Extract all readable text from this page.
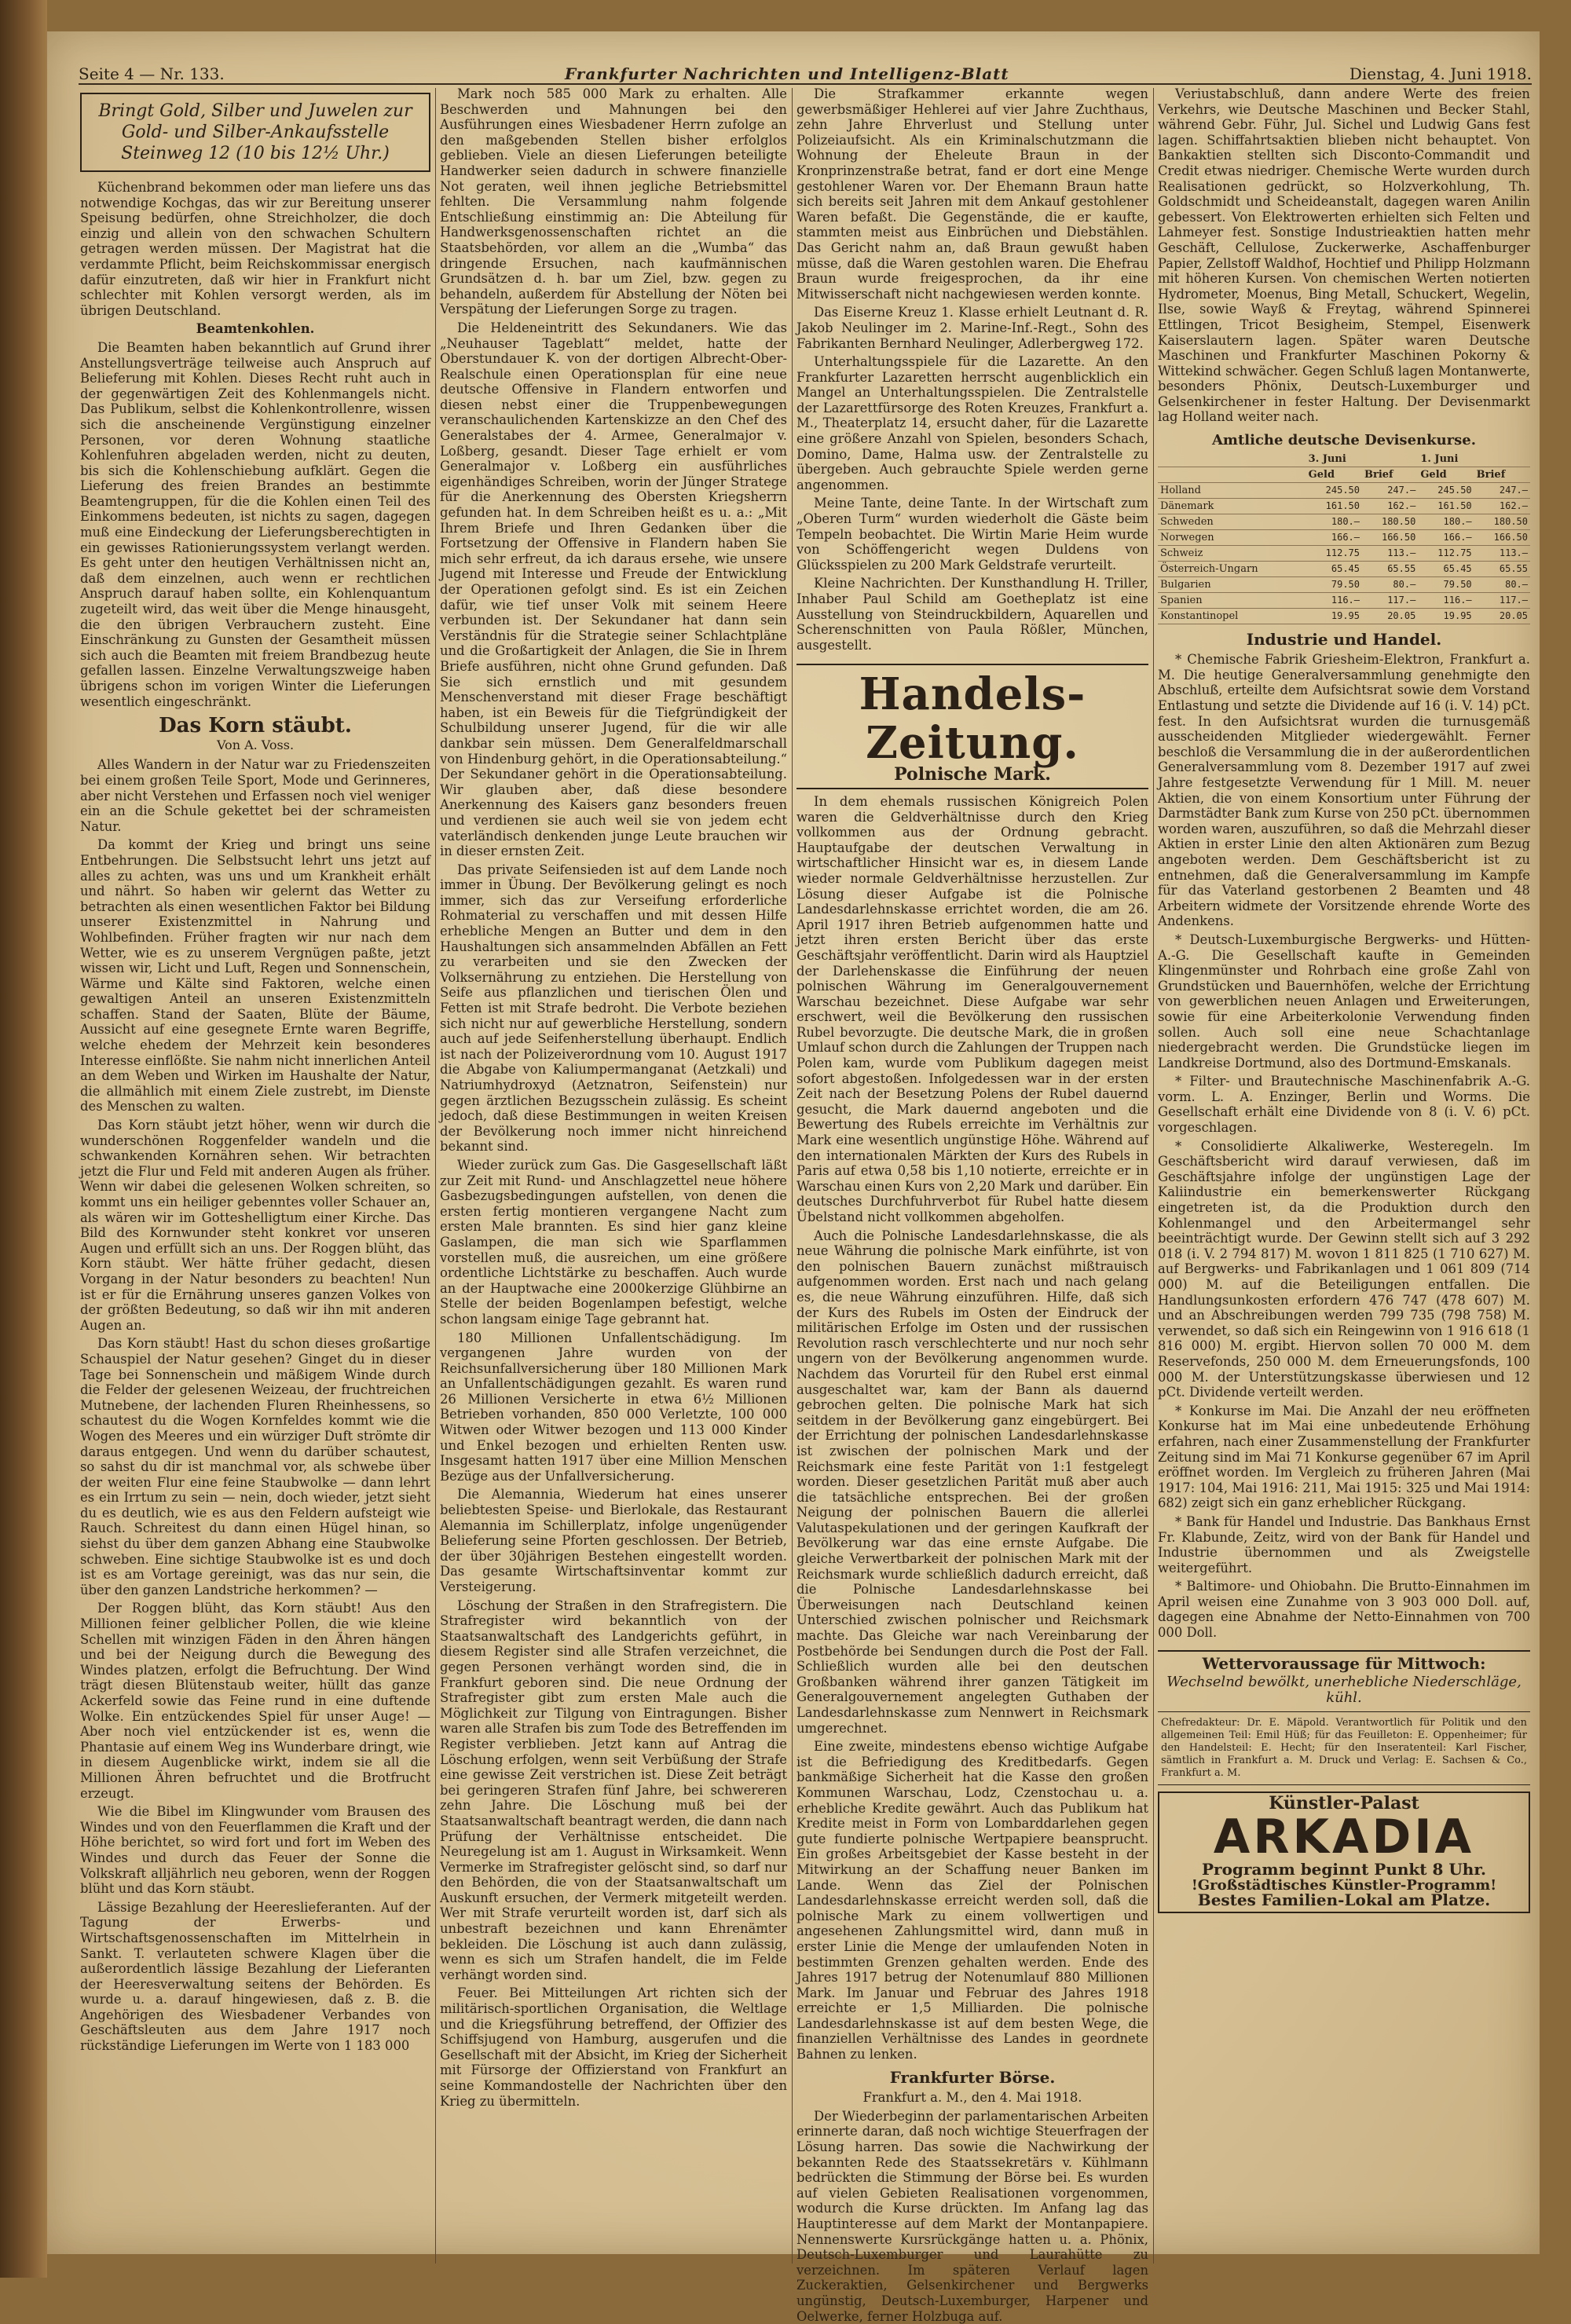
Seite 4 — Nr. 133.	Frankfurter Nachrichten und Intelligenz-Blatt	Dienstag, 4. Juni 1918.
Bringt Gold, Silber und Juwelen zur Gold- und Silber-Ankaufsstelle Steinweg 12 (10 bis 12½ Uhr.)

Küchenbrand bekommen oder man liefere uns das notwendige Kochgas, das wir zur Bereitung unserer Speisung bedürfen, ohne Streichholzer, die doch einzig und allein von den schwachen Schultern getragen werden müssen. Der Magistrat hat die verdammte Pflicht, beim Reichskommissar energisch dafür einzutreten, daß wir hier in Frankfurt nicht schlechter mit Kohlen versorgt werden, als im übrigen Deutschland.

Beamtenkohlen.

Die Beamten haben bekanntlich auf Grund ihrer Anstellungsverträge teilweise auch Anspruch auf Belieferung mit Kohlen. Dieses Recht ruht auch in der gegenwärtigen Zeit des Kohlenmangels nicht. Das Publikum, selbst die Kohlenkontrollenre, wissen sich die anscheinende Vergünstigung einzelner Personen, vor deren Wohnung staatliche Kohlenfuhren abgeladen werden, nicht zu deuten, bis sich die Kohlenschiebung aufklärt. Gegen die Lieferung des freien Brandes an bestimmte Beamtengruppen, für die die Kohlen einen Teil des Einkommens bedeuten, ist nichts zu sagen, dagegen muß eine Eindeckung der Lieferungsberechtigten in ein gewisses Rationierungssystem verlangt werden. Es geht unter den heutigen Verhältnissen nicht an, daß dem einzelnen, auch wenn er rechtlichen Anspruch darauf haben sollte, ein Kohlenquantum zugeteilt wird, das weit über die Menge hinausgeht, die den übrigen Verbrauchern zusteht. Eine Einschränkung zu Gunsten der Gesamtheit müssen sich auch die Beamten mit freiem Brandbezug heute gefallen lassen. Einzelne Verwaltungszweige haben übrigens schon im vorigen Winter die Lieferungen wesentlich eingeschränkt.

Das Korn stäubt.
Von A. Voss.

Alles Wandern in der Natur war zu Friedenszeiten bei einem großen Teile Sport, Mode und Gerinneres, aber nicht Verstehen und Erfassen noch viel weniger ein an die Schule gekettet bei der schrameisten Natur.

Da kommt der Krieg und bringt uns seine Entbehrungen. Die Selbstsucht lehrt uns jetzt auf alles zu achten, was uns und um Krankheit erhält und nährt. So haben wir gelernt das Wetter zu betrachten als einen wesentlichen Faktor bei Bildung unserer Existenzmittel in Nahrung und Wohlbefinden. Früher fragten wir nur nach dem Wetter, wie es zu unserem Vergnügen paßte, jetzt wissen wir, Licht und Luft, Regen und Sonnenschein, Wärme und Kälte sind Faktoren, welche einen gewaltigen Anteil an unseren Existenzmitteln schaffen. Stand der Saaten, Blüte der Bäume, Aussicht auf eine gesegnete Ernte waren Begriffe, welche ehedem der Mehrzeit kein besonderes Interesse einflößte. Sie nahm nicht innerlichen Anteil an dem Weben und Wirken im Haushalte der Natur, die allmählich mit einem Ziele zustrebt, im Dienste des Menschen zu walten.

Das Korn stäubt jetzt höher, wenn wir durch die wunderschönen Roggenfelder wandeln und die schwankenden Kornähren sehen. Wir betrachten jetzt die Flur und Feld mit anderen Augen als früher. Wenn wir dabei die gelesenen Wolken schreiten, so kommt uns ein heiliger gebenntes voller Schauer an, als wären wir im Gotteshelligtum einer Kirche. Das Bild des Kornwunder steht konkret vor unseren Augen und erfüllt sich an uns. Der Roggen blüht, das Korn stäubt. Wer hätte früher gedacht, diesen Vorgang in der Natur besonders zu beachten! Nun ist er für die Ernährung unseres ganzen Volkes von der größten Bedeutung, so daß wir ihn mit anderen Augen an.

Das Korn stäubt! Hast du schon dieses großartige Schauspiel der Natur gesehen? Ginget du in dieser Tage bei Sonnenschein und mäßigem Winde durch die Felder der gelesenen Weizeau, der fruchtreichen Mutnebene, der lachenden Fluren Rheinhessens, so schautest du die Wogen Kornfeldes kommt wie die Wogen des Meeres und ein würziger Duft strömte dir daraus entgegen. Und wenn du darüber schautest, so sahst du dir ist manchmal vor, als schwebe über der weiten Flur eine feine Staubwolke — dann lehrt es ein Irrtum zu sein — nein, doch wieder, jetzt sieht du es deutlich, wie es aus den Feldern aufsteigt wie Rauch. Schreitest du dann einen Hügel hinan, so siehst du über dem ganzen Abhang eine Staubwolke schweben. Eine sichtige Staubwolke ist es und doch ist es am Vortage gereinigt, was das nur sein, die über den ganzen Landstriche herkommen? —

Der Roggen blüht, das Korn stäubt! Aus den Millionen feiner gelblicher Pollen, die wie kleine Schellen mit winzigen Fäden in den Ähren hängen und bei der Neigung durch die Bewegung des Windes platzen, erfolgt die Befruchtung. Der Wind trägt diesen Blütenstaub weiter, hüllt das ganze Ackerfeld sowie das Feine rund in eine duftende Wolke. Ein entzückendes Spiel für unser Auge! — Aber noch viel entzückender ist es, wenn die Phantasie auf einem Weg ins Wunderbare dringt, wie in diesem Augenblicke wirkt, indem sie all die Millionen Ähren befruchtet und die Brotfrucht erzeugt.

Wie die Bibel im Klingwunder vom Brausen des Windes und von den Feuerflammen die Kraft und der Höhe berichtet, so wird fort und fort im Weben des Windes und durch das Feuer der Sonne die Volkskraft alljährlich neu geboren, wenn der Roggen blüht und das Korn stäubt.

Lässige Bezahlung der Heereslieferanten. Auf der Tagung der Erwerbs- und Wirtschaftsgenossenschaften im Mittelrhein in Sankt. T. verlauteten schwere Klagen über die außerordentlich lässige Bezahlung der Lieferanten der Heeresverwaltung seitens der Behörden. Es wurde u. a. darauf hingewiesen, daß z. B. die Angehörigen des Wiesbadener Verbandes von Geschäftsleuten aus dem Jahre 1917 noch rückständige Lieferungen im Werte von 1 183 000

Mark noch 585 000 Mark zu erhalten. Alle Beschwerden und Mahnungen bei den Ausführungen eines Wiesbadener Herrn zufolge an den maßgebenden Stellen bisher erfolglos geblieben. Viele an diesen Lieferungen beteiligte Handwerker seien dadurch in schwere finanzielle Not geraten, weil ihnen jegliche Betriebsmittel fehlten. Die Versammlung nahm folgende Entschließung einstimmig an: Die Abteilung für Handwerksgenossenschaften richtet an die Staatsbehörden, vor allem an die „Wumba“ das dringende Ersuchen, nach kaufmännischen Grundsätzen d. h. bar um Ziel, bzw. gegen zu behandeln, außerdem für Abstellung der Nöten bei Verspätung der Lieferungen Sorge zu tragen.

Die Heldeneintritt des Sekundaners. Wie das „Neuhauser Tageblatt“ meldet, hatte der Oberstundauer K. von der dortigen Albrecht-Ober-Realschule einen Operationsplan für eine neue deutsche Offensive in Flandern entworfen und diesen nebst einer die Truppenbewegungen veranschaulichenden Kartenskizze an den Chef des Generalstabes der 4. Armee, Generalmajor v. Loßberg, gesandt. Dieser Tage erhielt er vom Generalmajor v. Loßberg ein ausführliches eigenhändiges Schreiben, worin der Jünger Stratege für die Anerkennung des Obersten Kriegsherrn gefunden hat. In dem Schreiben heißt es u. a.: „Mit Ihrem Briefe und Ihren Gedanken über die Fortsetzung der Offensive in Flandern haben Sie mich sehr erfreut, da ich daraus ersehe, wie unsere Jugend mit Interesse und Freude der Entwicklung der Operationen gefolgt sind. Es ist ein Zeichen dafür, wie tief unser Volk mit seinem Heere verbunden ist. Der Sekundaner hat dann sein Verständnis für die Strategie seiner Schlachtpläne und die Großartigkeit der Anlagen, die Sie in Ihrem Briefe ausführen, nicht ohne Grund gefunden. Daß Sie sich ernstlich und mit gesundem Menschenverstand mit dieser Frage beschäftigt haben, ist ein Beweis für die Tiefgründigkeit der Schulbildung unserer Jugend, für die wir alle dankbar sein müssen. Dem Generalfeldmarschall von Hindenburg gehört, in die Operationsabteilung.“ Der Sekundaner gehört in die Operationsabteilung. Wir glauben aber, daß diese besondere Anerkennung des Kaisers ganz besonders freuen und verdienen sie auch weil sie von jedem echt vaterländisch denkenden junge Leute brauchen wir in dieser ernsten Zeit.

Das private Seifensieden ist auf dem Lande noch immer in Übung. Der Bevölkerung gelingt es noch immer, sich das zur Verseifung erforderliche Rohmaterial zu verschaffen und mit dessen Hilfe erhebliche Mengen an Butter und dem in den Haushaltungen sich ansammelnden Abfällen an Fett zu verarbeiten und sie den Zwecken der Volksernährung zu entziehen. Die Herstellung von Seife aus pflanzlichen und tierischen Ölen und Fetten ist mit Strafe bedroht. Die Verbote beziehen sich nicht nur auf gewerbliche Herstellung, sondern auch auf jede Seifenherstellung überhaupt. Endlich ist nach der Polizeiverordnung vom 10. August 1917 die Abgabe von Kaliumpermanganat (Aetzkali) und Natriumhydroxyd (Aetznatron, Seifenstein) nur gegen ärztlichen Bezugsschein zulässig. Es scheint jedoch, daß diese Bestimmungen in weiten Kreisen der Bevölkerung noch immer nicht hinreichend bekannt sind.

Wieder zurück zum Gas. Die Gasgesellschaft läßt zur Zeit mit Rund- und Anschlagzettel neue höhere Gasbezugsbedingungen aufstellen, von denen die ersten fertig montieren vergangene Nacht zum ersten Male brannten. Es sind hier ganz kleine Gaslampen, die man sich wie Sparflammen vorstellen muß, die ausreichen, um eine größere ordentliche Lichtstärke zu beschaffen. Auch wurde an der Hauptwache eine 2000kerzige Glühbirne an Stelle der beiden Bogenlampen befestigt, welche schon langsam einige Tage gebrannt hat.

180 Millionen Unfallentschädigung. Im vergangenen Jahre wurden von der Reichsunfallversicherung über 180 Millionen Mark an Unfallentschädigungen gezahlt. Es waren rund 26 Millionen Versicherte in etwa 6½ Millionen Betrieben vorhanden, 850 000 Verletzte, 100 000 Witwen oder Witwer bezogen und 113 000 Kinder und Enkel bezogen und erhielten Renten usw. Insgesamt hatten 1917 über eine Million Menschen Bezüge aus der Unfallversicherung.

Die Alemannia, Wiederum hat eines unserer beliebtesten Speise- und Bierlokale, das Restaurant Alemannia im Schillerplatz, infolge ungenügender Belieferung seine Pforten geschlossen. Der Betrieb, der über 30jährigen Bestehen eingestellt worden. Das gesamte Wirtschaftsinventar kommt zur Versteigerung.

Löschung der Straßen in den Strafregistern. Die Strafregister wird bekanntlich von der Staatsanwaltschaft des Landgerichts geführt, in diesem Register sind alle Strafen verzeichnet, die gegen Personen verhängt worden sind, die in Frankfurt geboren sind. Die neue Ordnung der Strafregister gibt zum ersten Male auch die Möglichkeit zur Tilgung von Eintragungen. Bisher waren alle Strafen bis zum Tode des Betreffenden im Register verblieben. Jetzt kann auf Antrag die Löschung erfolgen, wenn seit Verbüßung der Strafe eine gewisse Zeit verstrichen ist. Diese Zeit beträgt bei geringeren Strafen fünf Jahre, bei schwereren zehn Jahre. Die Löschung muß bei der Staatsanwaltschaft beantragt werden, die dann nach Prüfung der Verhältnisse entscheidet. Die Neuregelung ist am 1. August in Wirksamkeit. Wenn Vermerke im Strafregister gelöscht sind, so darf nur den Behörden, die von der Staatsanwaltschaft um Auskunft ersuchen, der Vermerk mitgeteilt werden. Wer mit Strafe verurteilt worden ist, darf sich als unbestraft bezeichnen und kann Ehrenämter bekleiden. Die Löschung ist auch dann zulässig, wenn es sich um Strafen handelt, die im Felde verhängt worden sind.

Feuer. Bei Mitteilungen Art richten sich der militärisch-sportlichen Organisation, die Weltlage und die Kriegsführung betreffend, der Offizier des Schiffsjugend von Hamburg, ausgerufen und die Gesellschaft mit der Absicht, im Krieg der Sicherheit mit Fürsorge der Offizierstand von Frankfurt an seine Kommandostelle der Nachrichten über den Krieg zu übermitteln.

Die Strafkammer erkannte wegen gewerbsmäßiger Hehlerei auf vier Jahre Zuchthaus, zehn Jahre Ehrverlust und Stellung unter Polizeiaufsicht. Als ein Kriminalschutzmann die Wohnung der Eheleute Braun in der Kronprinzenstraße betrat, fand er dort eine Menge gestohlener Waren vor. Der Ehemann Braun hatte sich bereits seit Jahren mit dem Ankauf gestohlener Waren befaßt. Die Gegenstände, die er kaufte, stammten meist aus Einbrüchen und Diebstählen. Das Gericht nahm an, daß Braun gewußt haben müsse, daß die Waren gestohlen waren. Die Ehefrau Braun wurde freigesprochen, da ihr eine Mitwisserschaft nicht nachgewiesen werden konnte.

Das Eiserne Kreuz 1. Klasse erhielt Leutnant d. R. Jakob Neulinger im 2. Marine-Inf.-Regt., Sohn des Fabrikanten Bernhard Neulinger, Adlerbergweg 172.

Unterhaltungsspiele für die Lazarette. An den Frankfurter Lazaretten herrscht augenblicklich ein Mangel an Unterhaltungsspielen. Die Zentralstelle der Lazarettfürsorge des Roten Kreuzes, Frankfurt a. M., Theaterplatz 14, ersucht daher, für die Lazarette eine größere Anzahl von Spielen, besonders Schach, Domino, Dame, Halma usw. der Zentralstelle zu übergeben. Auch gebrauchte Spiele werden gerne angenommen.

Meine Tante, deine Tante. In der Wirtschaft zum „Oberen Turm“ wurden wiederholt die Gäste beim Tempeln beobachtet. Die Wirtin Marie Heim wurde von Schöffengericht wegen Duldens von Glücksspielen zu 200 Mark Geldstrafe verurteilt.

Kleine Nachrichten. Der Kunsthandlung H. Triller, Inhaber Paul Schild am Goetheplatz ist eine Ausstellung von Steindruckbildern, Aquarellen und Scherenschnitten von Paula Rößler, München, ausgestellt.

Handels-Zeitung.
Polnische Mark.

In dem ehemals russischen Königreich Polen waren die Geldverhältnisse durch den Krieg vollkommen aus der Ordnung gebracht. Hauptaufgabe der deutschen Verwaltung in wirtschaftlicher Hinsicht war es, in diesem Lande wieder normale Geldverhältnisse herzustellen. Zur Lösung dieser Aufgabe ist die Polnische Landesdarlehnskasse errichtet worden, die am 26. April 1917 ihren Betrieb aufgenommen hatte und jetzt ihren ersten Bericht über das erste Geschäftsjahr veröffentlicht. Darin wird als Hauptziel der Darlehenskasse die Einführung der neuen polnischen Währung im Generalgouvernement Warschau bezeichnet. Diese Aufgabe war sehr erschwert, weil die Bevölkerung den russischen Rubel bevorzugte. Die deutsche Mark, die in großen Umlauf schon durch die Zahlungen der Truppen nach Polen kam, wurde vom Publikum dagegen meist sofort abgestoßen. Infolgedessen war in der ersten Zeit nach der Besetzung Polens der Rubel dauernd gesucht, die Mark dauernd angeboten und die Bewertung des Rubels erreichte im Verhältnis zur Mark eine wesentlich ungünstige Höhe. Während auf den internationalen Märkten der Kurs des Rubels in Paris auf etwa 0,58 bis 1,10 notierte, erreichte er in Warschau einen Kurs von 2,20 Mark und darüber. Ein deutsches Durchfuhrverbot für Rubel hatte diesem Übelstand nicht vollkommen abgeholfen.

Auch die Polnische Landesdarlehnskasse, die als neue Währung die polnische Mark einführte, ist von den polnischen Bauern zunächst mißtrauisch aufgenommen worden. Erst nach und nach gelang es, die neue Währung einzuführen. Hilfe, daß sich der Kurs des Rubels im Osten der Eindruck der militärischen Erfolge im Osten und der russischen Revolution rasch verschlechterte und nur noch sehr ungern von der Bevölkerung angenommen wurde. Nachdem das Vorurteil für den Rubel erst einmal ausgeschaltet war, kam der Bann als dauernd gebrochen gelten. Die polnische Mark hat sich seitdem in der Bevölkerung ganz eingebürgert. Bei der Errichtung der polnischen Landesdarlehnskasse ist zwischen der polnischen Mark und der Reichsmark eine feste Parität von 1:1 festgelegt worden. Dieser gesetzlichen Parität muß aber auch die tatsächliche entsprechen. Bei der großen Neigung der polnischen Bauern die allerlei Valutaspekulationen und der geringen Kaufkraft der Bevölkerung war das eine ernste Aufgabe. Die gleiche Verwertbarkeit der polnischen Mark mit der Reichsmark wurde schließlich dadurch erreicht, daß die Polnische Landesdarlehnskasse bei Überweisungen nach Deutschland keinen Unterschied zwischen polnischer und Reichsmark machte. Das Gleiche war nach Vereinbarung der Postbehörde bei Sendungen durch die Post der Fall. Schließlich wurden alle bei den deutschen Großbanken während ihrer ganzen Tätigkeit im Generalgouvernement angelegten Guthaben der Landesdarlehnskasse zum Nennwert in Reichsmark umgerechnet.

Eine zweite, mindestens ebenso wichtige Aufgabe ist die Befriedigung des Kreditbedarfs. Gegen bankmäßige Sicherheit hat die Kasse den großen Kommunen Warschau, Lodz, Czenstochau u. a. erhebliche Kredite gewährt. Auch das Publikum hat Kredite meist in Form von Lombarddarlehen gegen gute fundierte polnische Wertpapiere beansprucht. Ein großes Arbeitsgebiet der Kasse besteht in der Mitwirkung an der Schaffung neuer Banken im Lande. Wenn das Ziel der Polnischen Landesdarlehnskasse erreicht werden soll, daß die polnische Mark zu einem vollwertigen und angesehenen Zahlungsmittel wird, dann muß in erster Linie die Menge der umlaufenden Noten in bestimmten Grenzen gehalten werden. Ende des Jahres 1917 betrug der Notenumlauf 880 Millionen Mark. Im Januar und Februar des Jahres 1918 erreichte er 1,5 Milliarden. Die polnische Landesdarlehnskasse ist auf dem besten Wege, die finanziellen Verhältnisse des Landes in geordnete Bahnen zu lenken.

Frankfurter Börse.

Frankfurt a. M., den 4. Mai 1918.

Der Wiederbeginn der parlamentarischen Arbeiten erinnerte daran, daß noch wichtige Steuerfragen der Lösung harren. Das sowie die Nachwirkung der bekannten Rede des Staatssekretärs v. Kühlmann bedrückten die Stimmung der Börse bei. Es wurden auf vielen Gebieten Realisationen vorgenommen, wodurch die Kurse drückten. Im Anfang lag das Hauptinteresse auf dem Markt der Montanpapiere. Nennenswerte Kursrückgänge hatten u. a. Phönix, Deutsch-Luxemburger und Laurahütte zu verzeichnen. Im späteren Verlauf lagen Zuckeraktien, Gelsenkirchener und Bergwerks ungünstig, Deutsch-Luxemburger, Harpener und Oelwerke, ferner Holzbuga auf.

Veriustabschluß, dann andere Werte des freien Verkehrs, wie Deutsche Maschinen und Becker Stahl, während Gebr. Führ, Jul. Sichel und Ludwig Gans fest lagen. Schiffahrtsaktien blieben nicht behauptet. Von Bankaktien stellten sich Disconto-Commandit und Credit etwas niedriger. Chemische Werte wurden durch Realisationen gedrückt, so Holzverkohlung, Th. Goldschmidt und Scheideanstalt, dagegen waren Anilin gebessert. Von Elektrowerten erhielten sich Felten und Lahmeyer fest. Sonstige Industrieaktien hatten mehr Geschäft, Cellulose, Zuckerwerke, Aschaffenburger Papier, Zellstoff Waldhof, Hochtief und Philipp Holzmann mit höheren Kursen. Von chemischen Werten notierten Hydrometer, Moenus, Bing Metall, Schuckert, Wegelin, Ilse, sowie Wayß & Freytag, während Spinnerei Ettlingen, Tricot Besigheim, Stempel, Eisenwerk Kaiserslautern lagen. Später waren Deutsche Maschinen und Frankfurter Maschinen Pokorny & Wittekind schwächer. Gegen Schluß lagen Montanwerte, besonders Phönix, Deutsch-Luxemburger und Gelsenkirchener in fester Haltung. Der Devisenmarkt lag Holland weiter nach.

Amtliche deutsche Devisenkurse.
	3. Juni		1. Juni	
	Geld	Brief	Geld	Brief
Holland	245.50	247.—	245.50	247.—
Dänemark	161.50	162.—	161.50	162.—
Schweden	180.—	180.50	180.—	180.50
Norwegen	166.—	166.50	166.—	166.50
Schweiz	112.75	113.—	112.75	113.—
Österreich-Ungarn	65.45	65.55	65.45	65.55
Bulgarien	79.50	80.—	79.50	80.—
Spanien	116.—	117.—	116.—	117.—
Konstantinopel	19.95	20.05	19.95	20.05
Industrie und Handel.

* Chemische Fabrik Griesheim-Elektron, Frankfurt a. M. Die heutige Generalversammlung genehmigte den Abschluß, erteilte dem Aufsichtsrat sowie dem Vorstand Entlastung und setzte die Dividende auf 16 (i. V. 14) pCt. fest. In den Aufsichtsrat wurden die turnusgemäß ausscheidenden Mitglieder wiedergewählt. Ferner beschloß die Versammlung die in der außerordentlichen Generalversammlung vom 8. Dezember 1917 auf zwei Jahre festgesetzte Verwendung für 1 Mill. M. neuer Aktien, die von einem Konsortium unter Führung der Darmstädter Bank zum Kurse von 250 pCt. übernommen worden waren, auszuführen, so daß die Mehrzahl dieser Aktien in erster Linie den alten Aktionären zum Bezug angeboten werden. Dem Geschäftsbericht ist zu entnehmen, daß die Generalversammlung im Kampfe für das Vaterland gestorbenen 2 Beamten und 48 Arbeitern widmete der Vorsitzende ehrende Worte des Andenkens.

* Deutsch-Luxemburgische Bergwerks- und Hütten-A.-G. Die Gesellschaft kaufte in Gemeinden Klingenmünster und Rohrbach eine große Zahl von Grundstücken und Bauernhöfen, welche der Errichtung von gewerblichen neuen Anlagen und Erweiterungen, sowie für eine Arbeiterkolonie Verwendung finden sollen. Auch soll eine neue Schachtanlage niedergebracht werden. Die Grundstücke liegen im Landkreise Dortmund, also des Dortmund-Emskanals.

* Filter- und Brautechnische Maschinenfabrik A.-G. vorm. L. A. Enzinger, Berlin und Worms. Die Gesellschaft erhält eine Dividende von 8 (i. V. 6) pCt. vorgeschlagen.

* Consolidierte Alkaliwerke, Westeregeln. Im Geschäftsbericht wird darauf verwiesen, daß im Geschäftsjahre infolge der ungünstigen Lage der Kaliindustrie ein bemerkenswerter Rückgang eingetreten ist, da die Produktion durch den Kohlenmangel und den Arbeitermangel sehr beeinträchtigt wurde. Der Gewinn stellt sich auf 3 292 018 (i. V. 2 794 817) M. wovon 1 811 825 (1 710 627) M. auf Bergwerks- und Fabrikanlagen und 1 061 809 (714 000) M. auf die Beteiligungen entfallen. Die Handlungsunkosten erfordern 476 747 (478 607) M. und an Abschreibungen werden 799 735 (798 758) M. verwendet, so daß sich ein Reingewinn von 1 916 618 (1 816 000) M. ergibt. Hiervon sollen 70 000 M. dem Reservefonds, 250 000 M. dem Erneuerungsfonds, 100 000 M. der Unterstützungskasse überwiesen und 12 pCt. Dividende verteilt werden.

* Konkurse im Mai. Die Anzahl der neu eröffneten Konkurse hat im Mai eine unbedeutende Erhöhung erfahren, nach einer Zusammenstellung der Frankfurter Zeitung sind im Mai 71 Konkurse gegenüber 67 im April eröffnet worden. Im Vergleich zu früheren Jahren (Mai 1917: 104, Mai 1916: 211, Mai 1915: 325 und Mai 1914: 682) zeigt sich ein ganz erheblicher Rückgang.

* Bank für Handel und Industrie. Das Bankhaus Ernst Fr. Klabunde, Zeitz, wird von der Bank für Handel und Industrie übernommen und als Zweigstelle weitergeführt.

* Baltimore- und Ohiobahn. Die Brutto-Einnahmen im April weisen eine Zunahme von 3 903 000 Doll. auf, dagegen eine Abnahme der Netto-Einnahmen von 700 000 Doll.

Wettervoraussage für Mittwoch:
Wechselnd bewölkt, unerhebliche Niederschläge, kühl.
Chefredakteur: Dr. E. Mäpold. Verantwortlich für Politik und den allgemeinen Teil: Emil Hüß; für das Feuilleton: E. Oppenheimer; für den Handelsteil: E. Hecht; für den Inseratenteil: Karl Fischer, sämtlich in Frankfurt a. M. Druck und Verlag: E. Sachsen & Co., Frankfurt a. M.
Künstler-Palast
ARKADIA
Programm beginnt Punkt 8 Uhr.
!Großstädtisches Künstler-Programm!
Bestes Familien-Lokal am Platze.
